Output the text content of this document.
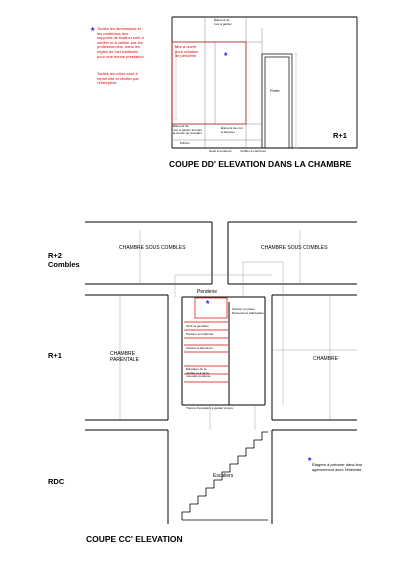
★ Toutes les dimensions et
les matériaux des
supports de fixation sont à
vérifier et à valider par les
professionnels, dans les
règles de l'art habituels
pour une bonne prestation.
Toutes les côtes sont à
reprendre et vérifier par
l'entreprise.
Élément de
mur à garder
Mur à ouvrir
pour création
de penderie	★
Porte
Élément de
mur à garder formant
la trémie de l'escalier
Élément de mur
à déposer
Plinthe
Seuil à renforcer	Vérifier à confirmer
R+1
COUPE DD' ELEVATION DANS LA CHAMBRE
R+2
Combles
R+1
RDC
CHAMBRE SOUS COMBLES	CHAMBRE SOUS COMBLES
CHAMBRE
PARENTALE	CHAMBRE
Escaliers
★
Penderie
Cloison en place
Dimensions habituelles
Tenir la penderie
Hauteur à confirmer
Cloison à démonter
Élévation de la
vérifier et à de la
nouvelle penderie
Trémie d'escaliers à garder propre
★
Étagère à préciser dans leur
agencement avec l'ébéniste
COUPE CC' ELEVATION
